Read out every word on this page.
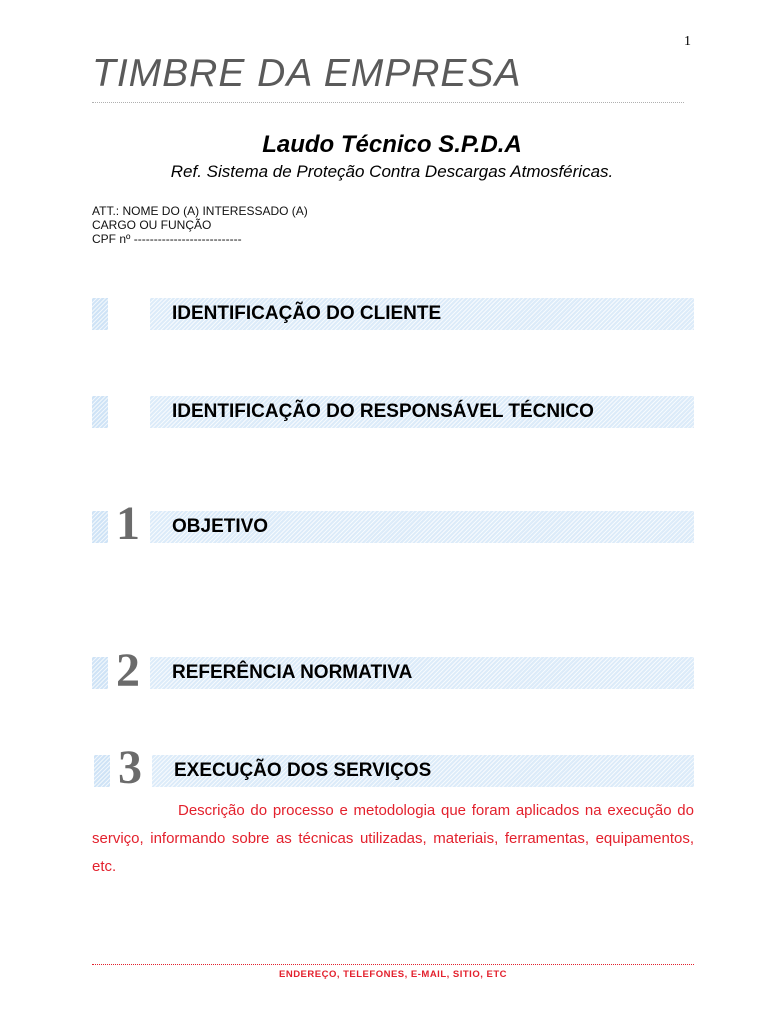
1
TIMBRE DA EMPRESA
Laudo Técnico S.P.D.A
Ref. Sistema de Proteção Contra Descargas Atmosféricas.
ATT.: NOME DO (A) INTERESSADO (A)
CARGO OU FUNÇÃO
CPF nº ---------------------------
IDENTIFICAÇÃO DO CLIENTE
IDENTIFICAÇÃO DO RESPONSÁVEL TÉCNICO
1	OBJETIVO
2	REFERÊNCIA NORMATIVA
3	EXECUÇÃO DOS SERVIÇOS
Descrição do processo e metodologia que foram aplicados na execução do serviço, informando sobre as técnicas utilizadas, materiais, ferramentas, equipamentos, etc.
ENDEREÇO, TELEFONES, E-MAIL, SITIO, ETC
